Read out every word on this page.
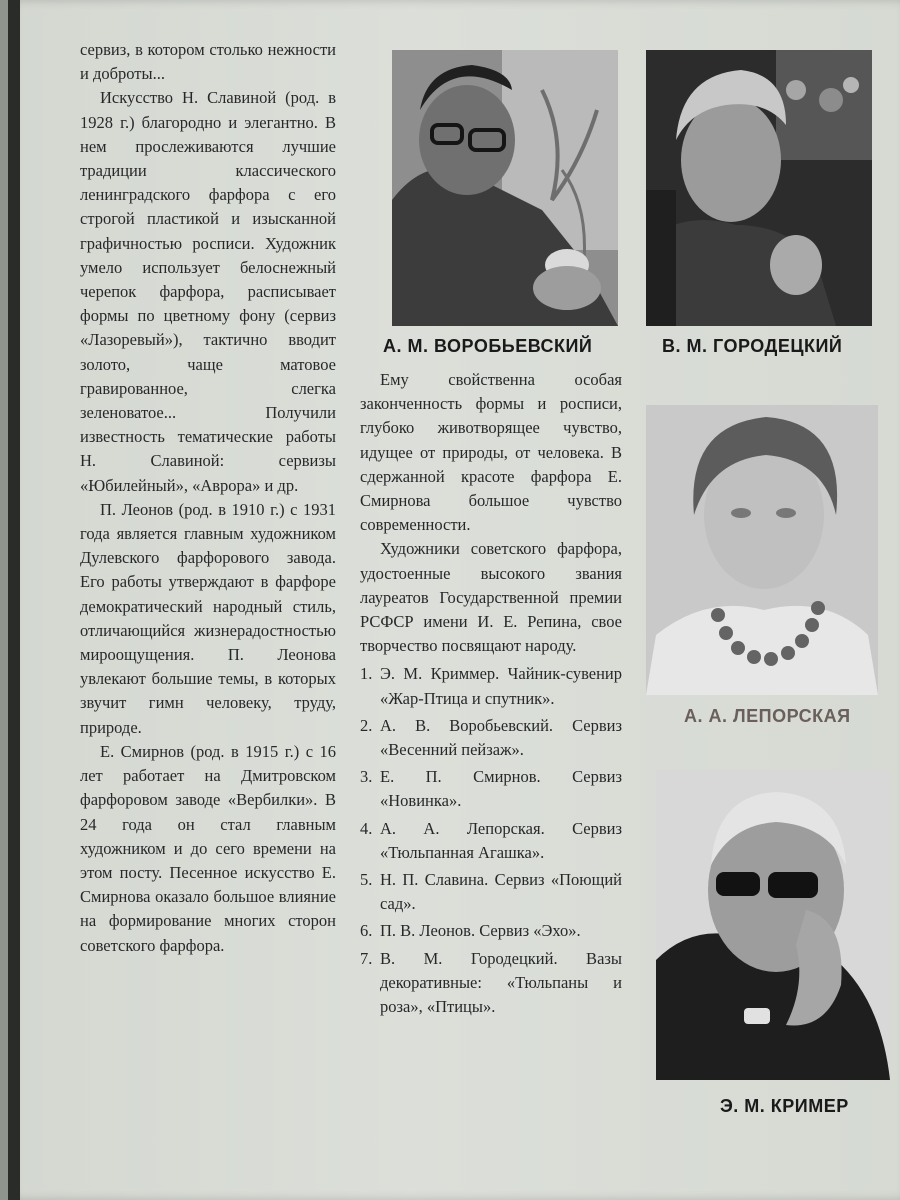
сервиз, в котором столько нежности и доброты...

Искусство Н. Славиной (род. в 1928 г.) благородно и элегантно. В нем прослеживаются лучшие традиции классического ленинградского фарфора с его строгой пластикой и изысканной графичностью росписи. Художник умело использует белоснежный черепок фарфора, расписывает формы по цветному фону (сервиз «Лазоревый»), тактично вводит золото, чаще матовое гравированное, слегка зеленоватое... Получили известность тематические работы Н. Славиной: сервизы «Юбилейный», «Аврора» и др.

П. Леонов (род. в 1910 г.) с 1931 года является главным художником Дулевского фарфорового завода. Его работы утверждают в фарфоре демократический народный стиль, отличающийся жизнерадостностью мироощущения. П. Леонова увлекают большие темы, в которых звучит гимн человеку, труду, природе.

Е. Смирнов (род. в 1915 г.) с 16 лет работает на Дмитровском фарфоровом заводе «Вербилки». В 24 года он стал главным художником и до сего времени на этом посту. Песенное искусство Е. Смирнова оказало большое влияние на формирование многих сторон советского фарфора.

Ему свойственна особая законченность формы и росписи, глубоко животворящее чувство, идущее от природы, от человека. В сдержанной красоте фарфора Е. Смирнова большое чувство современности.

Художники советского фарфора, удостоенные высокого звания лауреатов Государственной премии РСФСР имени И. Е. Репина, свое творчество посвящают народу.

1. Э. М. Криммер. Чайник-сувенир «Жар-Птица и спутник».
2. А. В. Воробьевский. Сервиз «Весенний пейзаж».
3. Е. П. Смирнов. Сервиз «Новинка».
4. А. А. Лепорская. Сервиз «Тюльпанная Агашка».
5. Н. П. Славина. Сервиз «Поющий сад».
6. П. В. Леонов. Сервиз «Эхо».
7. В. М. Городецкий. Вазы декоративные: «Тюльпаны и роза», «Птицы».
А. М. ВОРОБЬЕВСКИЙ	В. М. ГОРОДЕЦКИЙ
А. А. ЛЕПОРСКАЯ
Э. М. КРИМЕР
